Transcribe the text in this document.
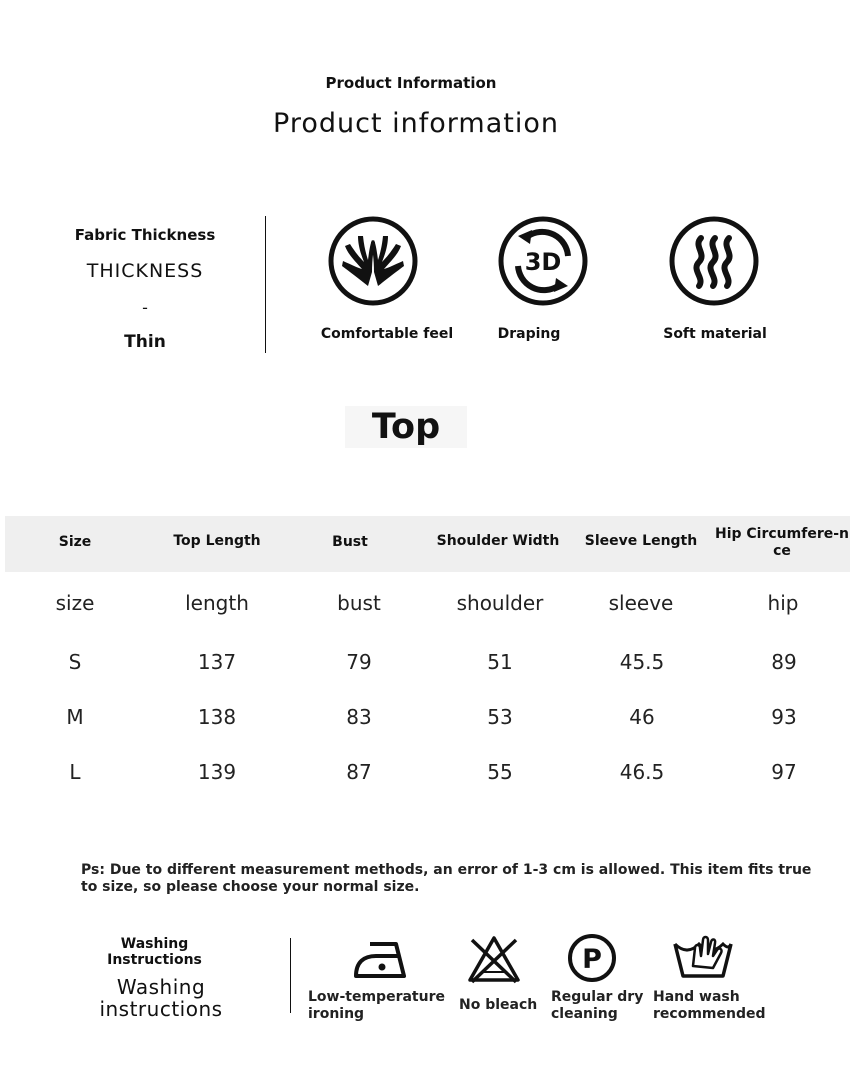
Product Information
Product information
Fabric Thickness
THICKNESS
-
Thin	Comfortable feel
3D
Draping	Soft material
Top
Size	Top Length	Bust	Shoulder Width	Sleeve Length	Hip Circumfere-nce
size	length	bust	shoulder	sleeve	hip
S	137	79	51	45.5	89
M	138	83	53	46	93
L	139	87	55	46.5	97
Ps: Due to different measurement methods, an error of 1-3 cm is allowed. This item fits true to size, so please choose your normal size.
Washing Instructions
Washing
instructions	Low-temperature
ironing
No bleach
P
Regular dry
cleaning
Hand wash
recommended
